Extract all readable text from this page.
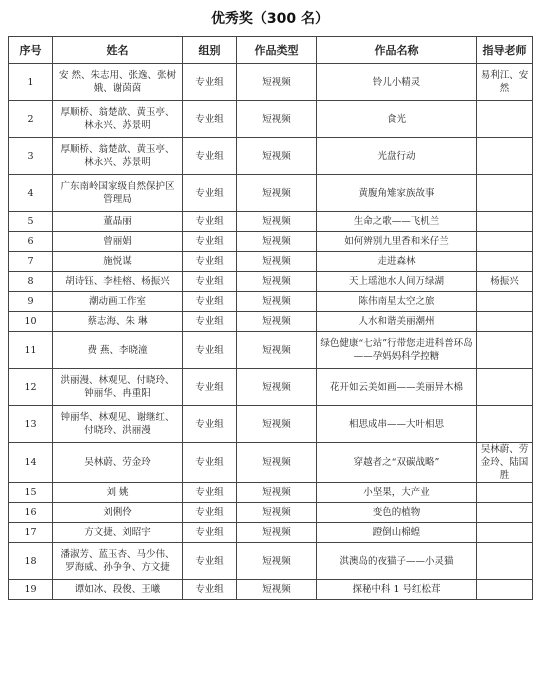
优秀奖（300 名）
序号	姓名	组别	作品类型	作品名称	指导老师
1	安 然、朱志用、张逸、张树娥、谢茵茵	专业组	短视频	铃儿小精灵	易利江、安 然
2	厚顺桥、翁楚歆、黄玉亭、林永兴、苏景明	专业组	短视频	食光	
3	厚顺桥、翁楚歆、黄玉亭、林永兴、苏景明	专业组	短视频	光盘行动	
4	广东南岭国家级自然保护区管理局	专业组	短视频	黄腹角雉家族故事	
5	董晶丽	专业组	短视频	生命之歌——飞机兰	
6	曾丽娟	专业组	短视频	如何辨别九里香和米仔兰	
7	施悦谋	专业组	短视频	走进森林	
8	胡诗钰、李桂榕、杨振兴	专业组	短视频	天上瑶池水人间万绿湖	杨振兴
9	潮动画工作室	专业组	短视频	陈伟南星太空之旅	
10	蔡志海、朱 琳	专业组	短视频	人水和谐美丽潮州	
11	费 燕、李晓潼	专业组	短视频	绿色健康“七站”行带您走进科普环岛——孕妈妈科学控糖	
12	洪丽漫、林观见、付晓玲、钟丽华、冉重阳	专业组	短视频	花开如云美如画——美丽异木棉	
13	钟丽华、林观见、谢继红、付晓玲、洪丽漫	专业组	短视频	相思成串——大叶相思	
14	吴林蔚、劳金玲	专业组	短视频	穿越者之“双碳战略”	吴林蔚、劳金玲、陆国胜
15	刘 姚	专业组	短视频	小坚果，大产业	
16	刘俐伶	专业组	短视频	变色的植物	
17	方文捷、刘昭宇	专业组	短视频	蹬倒山棉蝗	
18	潘淑芳、蓝玉杏、马少伟、罗海威、孙争争、方文捷	专业组	短视频	淇澳岛的夜猫子——小灵猫	
19	谭如冰、段俊、王曦	专业组	短视频	探秘中科 1 号红松茸	
